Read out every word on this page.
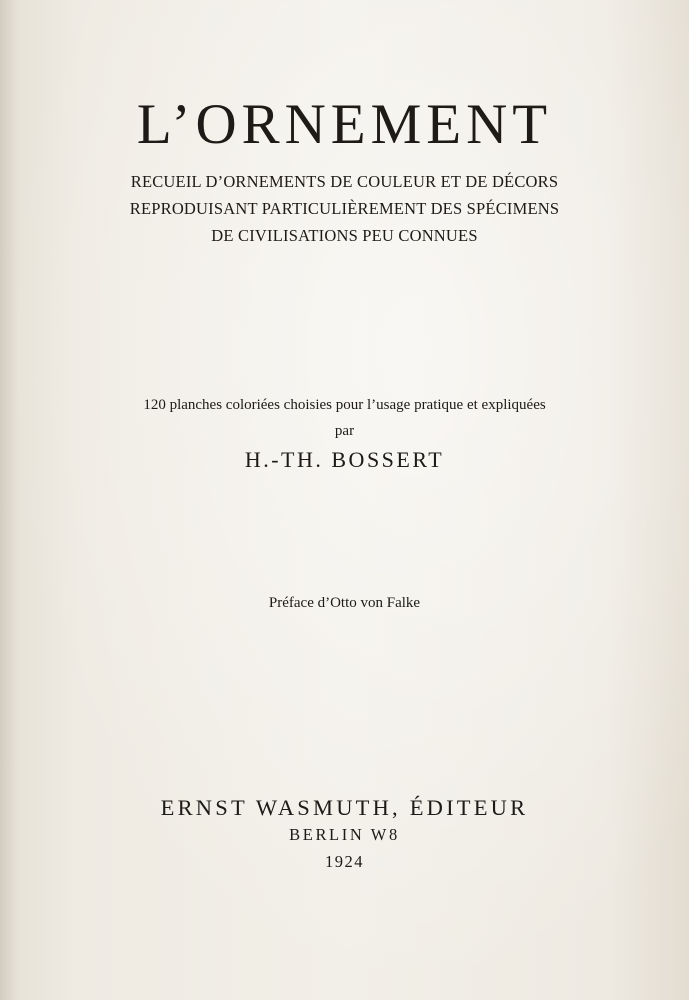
L’ORNEMENT

RECUEIL D’ORNEMENTS DE COULEUR ET DE DÉCORS

REPRODUISANT PARTICULIÈREMENT DES SPÉCIMENS

DE CIVILISATIONS PEU CONNUES

120 planches coloriées choisies pour l’usage pratique et expliquées

par

H.-TH. BOSSERT

Préface d’Otto von Falke

ERNST WASMUTH, ÉDITEUR

BERLIN W8

1924
